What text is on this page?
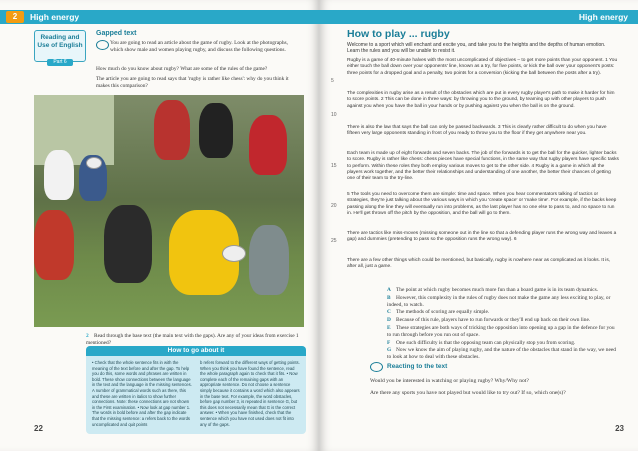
2	High energy
Reading and Use of English
Part 6
Gapped text
You are going to read an article about the game of rugby. Look at the photographs, which show male and women playing rugby, and discuss the following questions.
How much do you know about rugby? What are some of the rules of the game?
The article you are going to read says that 'rugby is rather like chess': why do you think it makes this comparison?
2 Read through the base text (the main text with the gaps). Are any of your ideas from exercise 1 mentioned?
How to go about it
• Check that the whole sentence fits in with the meaning of the text before and after the gap. To help you do this, some words and phrases are written in bold. These show connections between the language in the text and the language in the missing sentences. A number of grammatical words such as there, this and these are written in italics to show further connections. Note: these connections are not shown in the First examination. • Now look at gap number 1. The words in bold before and after the gap indicate that the missing sentence: a refers back to the words uncomplicated and quit points
b refers forward to the different ways of getting points. When you think you have found the sentence, read the whole paragraph again to check that it fits. • Now complete each of the remaining gaps with an appropriate sentence. Do not choose a sentence simply because it contains a word which also appears in the base text. For example, the word obstacles, before gap number 3, is repeated in sentence G, but this does not necessarily mean that G is the correct answer. • When you have finished, check that the sentence which you have not used does not fit into any of the gaps.
22
High energy
How to play ... rugby
Welcome to a sport which will enchant and excite you, and take you to the heights and the depths of human emotion. Learn the rules and you will be unable to resist it.
Rugby is a game of 40-minute halves with the most uncomplicated of objectives – to get more points than your opponent. 1 You either touch the ball down over your opponents' line, known as a try, for five points, or kick the ball over your opponent's posts: three points for a dropped goal and a penalty, two points for a conversion (kicking the ball between the posts after a try).
The complexities in rugby arise as a result of the obstacles which are put in every rugby player's path to make it harder for him to score points. 2 This can be done in three ways: by throwing you to the ground, by teaming up with other players to push against you when you have the ball in your hands or by pushing against you when the ball is on the ground.
There is also the law that says the ball can only be passed backwards. 3 This is clearly rather difficult to do when you have fifteen very large opponents standing in front of you ready to throw you to the floor if they get anywhere near you.
Each team is made up of eight forwards and seven backs. The job of the forwards is to get the ball for the quicker, lighter backs to score. Rugby is rather like chess: chess pieces have special functions, in the same way that rugby players have specific tasks to perform. Within these roles they both employ various moves to get to the other side. 4 Rugby is a game in which all the players work together, and the better their relationships and understanding of one another, the better their chances of getting one of their team to the try-line.
5 The tools you need to overcome them are simple: time and space. When you hear commentators talking of tactics or strategies, they're just talking about the various ways in which you 'create space' or 'make time'. For example, if the backs keep passing along the line they will eventually run into problems, as the last player has no one else to pass to, and no space to run in. He'll get thrown off the pitch by the opposition, and the ball will go to them.
There are tactics like miss-moves (missing someone out in the line so that a defending player runs the wrong way and leaves a gap) and dummies (pretending to pass so the opposition runs the wrong way). 6
There are a few other things which could be mentioned, but basically, rugby is nowhere near as complicated as it looks. It is, after all, just a game.
5
10
15
20
25
A The point at which rugby becomes much more fun than a board game is in its team dynamics.
B However, this complexity in the rules of rugby does not make the game any less exciting to play, or indeed, to watch.
C The methods of scoring are equally simple.
D Because of this rule, players have to run forwards or they'll end up back on their own line.
E These strategies are both ways of tricking the opposition into opening up a gap in the defence for you to run through before you run out of space.
F One such difficulty is that the opposing team can physically stop you from scoring.
G Now we know the aim of playing rugby, and the nature of the obstacles that stand in the way, we need to look at how to deal with these obstacles.
Reacting to the text
Would you be interested in watching or playing rugby? Why/Why not?
Are there any sports you have not played but would like to try out? If so, which one(s)?
23
